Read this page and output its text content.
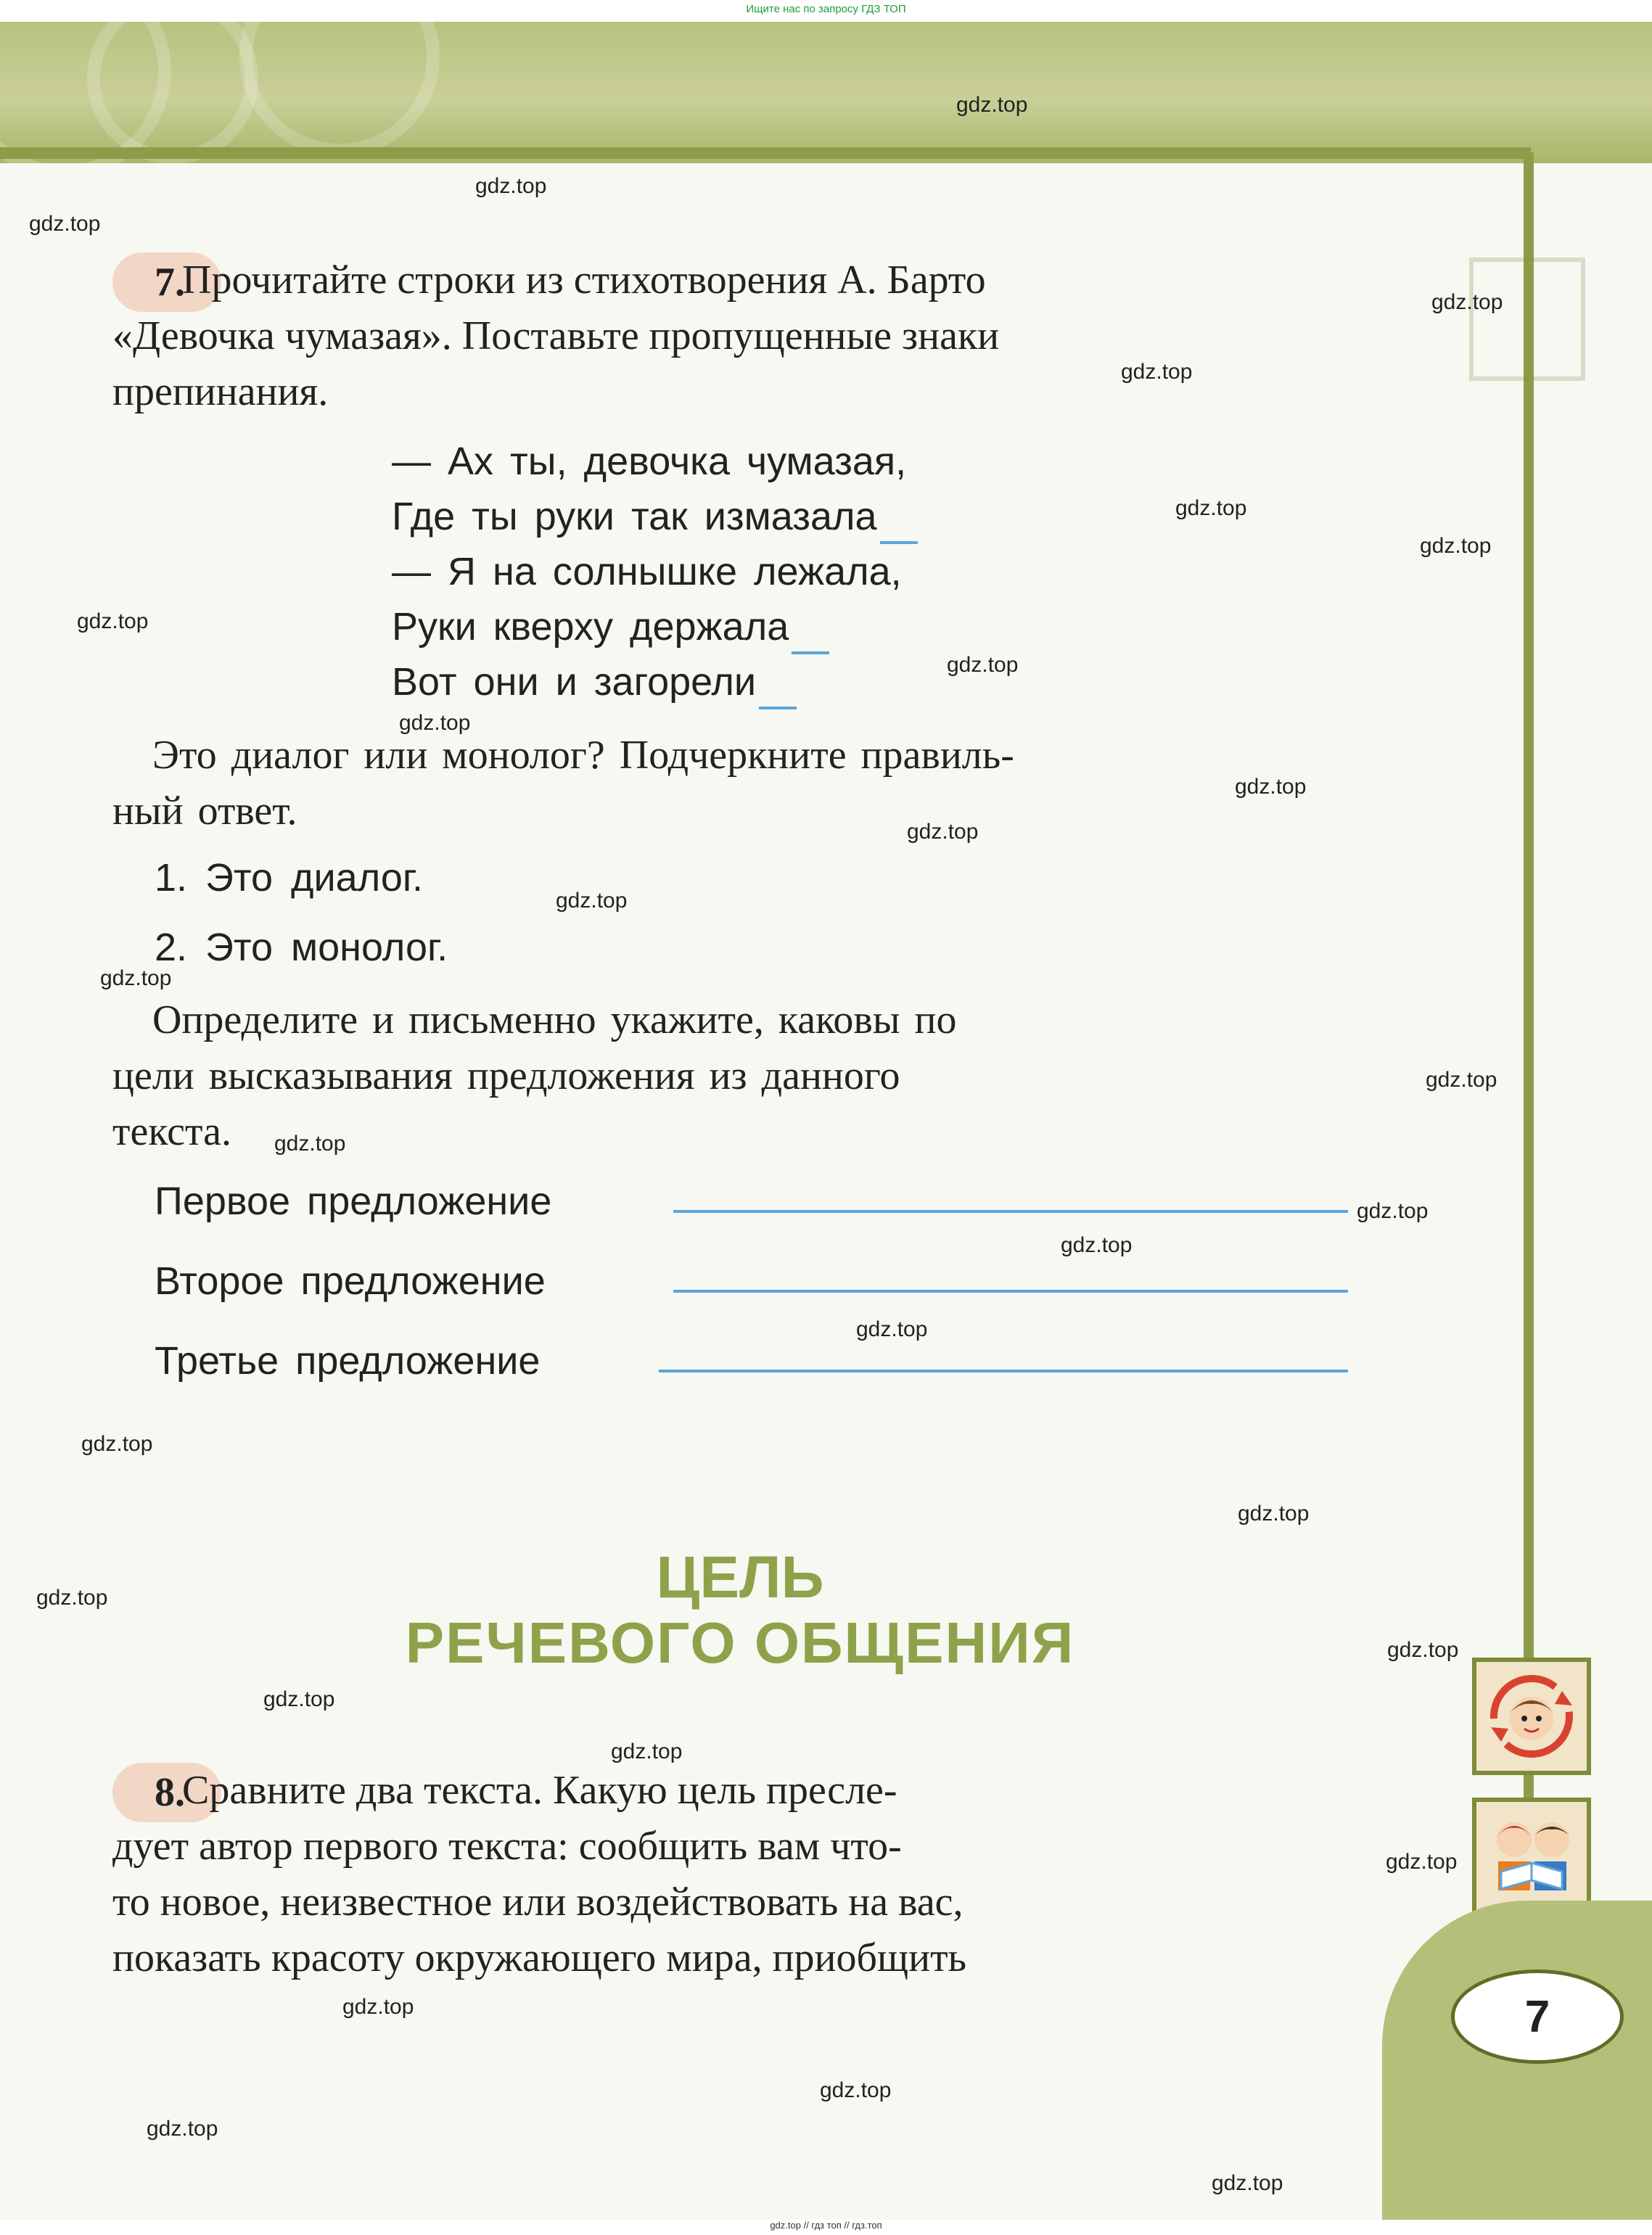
Ищите нас по запросу ГДЗ ТОП
7.
Прочитайте строки из стихотворения А. Барто
«Девочка чумазая». Поставьте пропущенные знаки
препинания.
— Ах ты, девочка чумазая,
Где ты руки так измазала
— Я на солнышке лежала,
Руки кверху держала
Вот они и загорели
Это диалог или монолог? Подчеркните правиль-
ный ответ.
1. Это диалог.
2. Это монолог.
Определите и письменно укажите, каковы по
цели высказывания предложения из данного
текста.
Первое предложение
Второе предложение
Третье предложение
ЦЕЛЬ
РЕЧЕВОГО ОБЩЕНИЯ
8.
Сравните два текста. Какую цель пресле-
дует автор первого текста: сообщить вам что-
то новое, неизвестное или воздействовать на вас,
показать красоту окружающего мира, приобщить
7
gdz.top
gdz.top
gdz.top
gdz.top
gdz.top
gdz.top
gdz.top
gdz.top
gdz.top
gdz.top
gdz.top
gdz.top
gdz.top
gdz.top
gdz.top
gdz.top
gdz.top
gdz.top
gdz.top
gdz.top
gdz.top
gdz.top
gdz.top
gdz.top
gdz.top
gdz.top
gdz.top
gdz.top
gdz.top
gdz.top
gdz.top // гдз топ // гдз.топ
